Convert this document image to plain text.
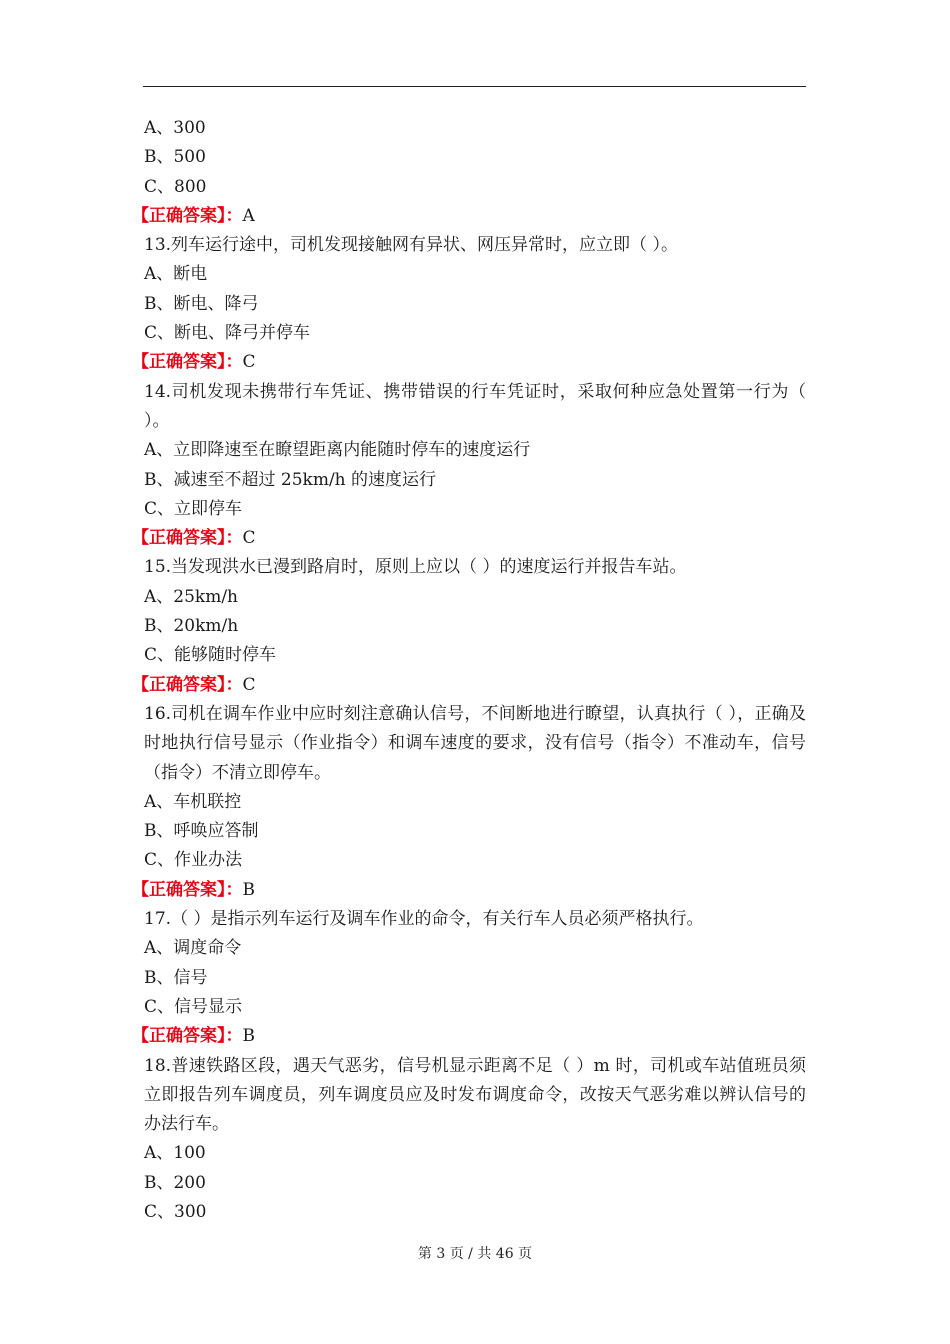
A、300
B、500
C、800
【正确答案】：A
13.列车运行途中，司机发现接触网有异状、网压异常时，应立即（ ）。
A、断电
B、断电、降弓
C、断电、降弓并停车
【正确答案】：C
14.司机发现未携带行车凭证、携带错误的行车凭证时，采取何种应急处置第一行为（ ）。
A、立即降速至在瞭望距离内能随时停车的速度运行
B、减速至不超过 25km/h 的速度运行
C、立即停车
【正确答案】：C
15.当发现洪水已漫到路肩时，原则上应以（ ）的速度运行并报告车站。
A、25km/h
B、20km/h
C、能够随时停车
【正确答案】：C
16.司机在调车作业中应时刻注意确认信号，不间断地进行瞭望，认真执行（ ），正确及时地执行信号显示（作业指令）和调车速度的要求，没有信号（指令）不准动车，信号（指令）不清立即停车。
A、车机联控
B、呼唤应答制
C、作业办法
【正确答案】：B
17.（ ）是指示列车运行及调车作业的命令，有关行车人员必须严格执行。
A、调度命令
B、信号
C、信号显示
【正确答案】：B
18.普速铁路区段，遇天气恶劣，信号机显示距离不足（ ）m 时，司机或车站值班员须立即报告列车调度员，列车调度员应及时发布调度命令，改按天气恶劣难以辨认信号的办法行车。
A、100
B、200
C、300
第 3 页 / 共 46 页
